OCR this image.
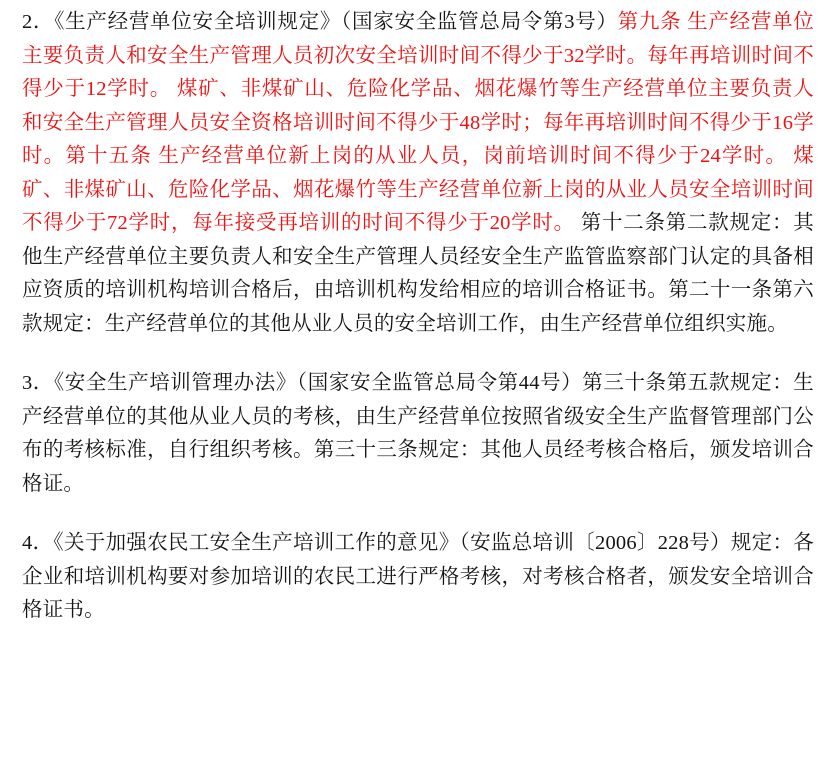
2．《生产经营单位安全培训规定》（国家安全监管总局令第3号）第九条 生产经营单位主要负责人和安全生产管理人员初次安全培训时间不得少于32学时。每年再培训时间不得少于12学时。 煤矿、非煤矿山、危险化学品、烟花爆竹等生产经营单位主要负责人和安全生产管理人员安全资格培训时间不得少于48学时；每年再培训时间不得少于16学时。第十五条 生产经营单位新上岗的从业人员，岗前培训时间不得少于24学时。 煤矿、非煤矿山、危险化学品、烟花爆竹等生产经营单位新上岗的从业人员安全培训时间不得少于72学时，每年接受再培训的时间不得少于20学时。 第十二条第二款规定：其他生产经营单位主要负责人和安全生产管理人员经安全生产监管监察部门认定的具备相应资质的培训机构培训合格后，由培训机构发给相应的培训合格证书。第二十一条第六款规定：生产经营单位的其他从业人员的安全培训工作，由生产经营单位组织实施。
3．《安全生产培训管理办法》（国家安全监管总局令第44号）第三十条第五款规定：生产经营单位的其他从业人员的考核，由生产经营单位按照省级安全生产监督管理部门公布的考核标准，自行组织考核。第三十三条规定：其他人员经考核合格后，颁发培训合格证。
4．《关于加强农民工安全生产培训工作的意见》（安监总培训〔2006〕228号）规定：各企业和培训机构要对参加培训的农民工进行严格考核，对考核合格者，颁发安全培训合格证书。
